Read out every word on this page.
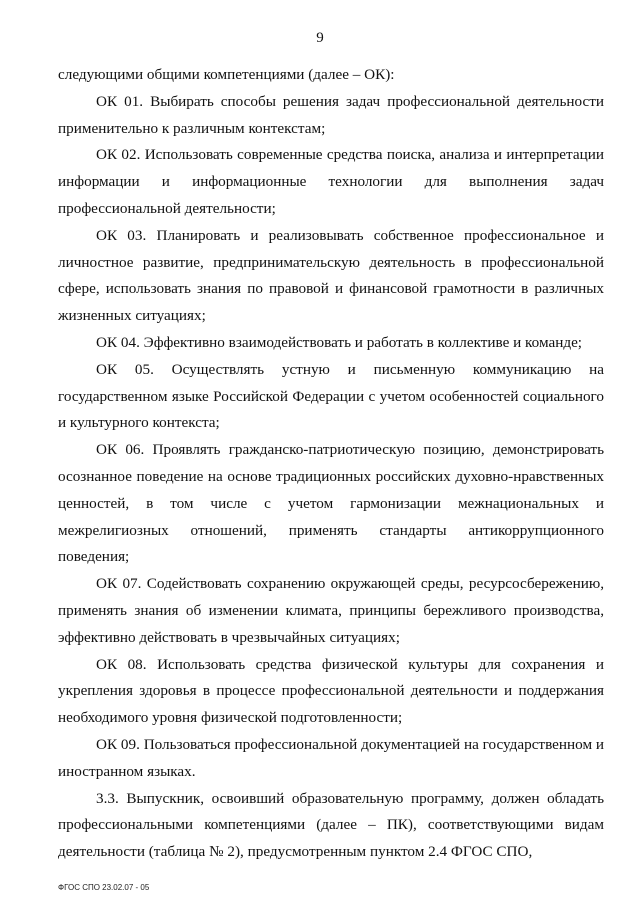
9

следующими общими компетенциями (далее – ОК):

ОК 01. Выбирать способы решения задач профессиональной деятельности применительно к различным контекстам;

ОК 02. Использовать современные средства поиска, анализа и интерпретации информации и информационные технологии для выполнения задач профессиональной деятельности;

ОК 03. Планировать и реализовывать собственное профессиональное и личностное развитие, предпринимательскую деятельность в профессиональной сфере, использовать знания по правовой и финансовой грамотности в различных жизненных ситуациях;

ОК 04. Эффективно взаимодействовать и работать в коллективе и команде;

ОК 05. Осуществлять устную и письменную коммуникацию на государственном языке Российской Федерации с учетом особенностей социального и культурного контекста;

ОК 06. Проявлять гражданско-патриотическую позицию, демонстрировать осознанное поведение на основе традиционных российских духовно-нравственных ценностей, в том числе с учетом гармонизации межнациональных и межрелигиозных отношений, применять стандарты антикоррупционного поведения;

ОК 07. Содействовать сохранению окружающей среды, ресурсосбережению, применять знания об изменении климата, принципы бережливого производства, эффективно действовать в чрезвычайных ситуациях;

ОК 08. Использовать средства физической культуры для сохранения и укрепления здоровья в процессе профессиональной деятельности и поддержания необходимого уровня физической подготовленности;

ОК 09. Пользоваться профессиональной документацией на государственном и иностранном языках.

3.3. Выпускник, освоивший образовательную программу, должен обладать профессиональными компетенциями (далее – ПК), соответствующими видам деятельности (таблица № 2), предусмотренным пунктом 2.4 ФГОС СПО,

ФГОС СПО 23.02.07 - 05
